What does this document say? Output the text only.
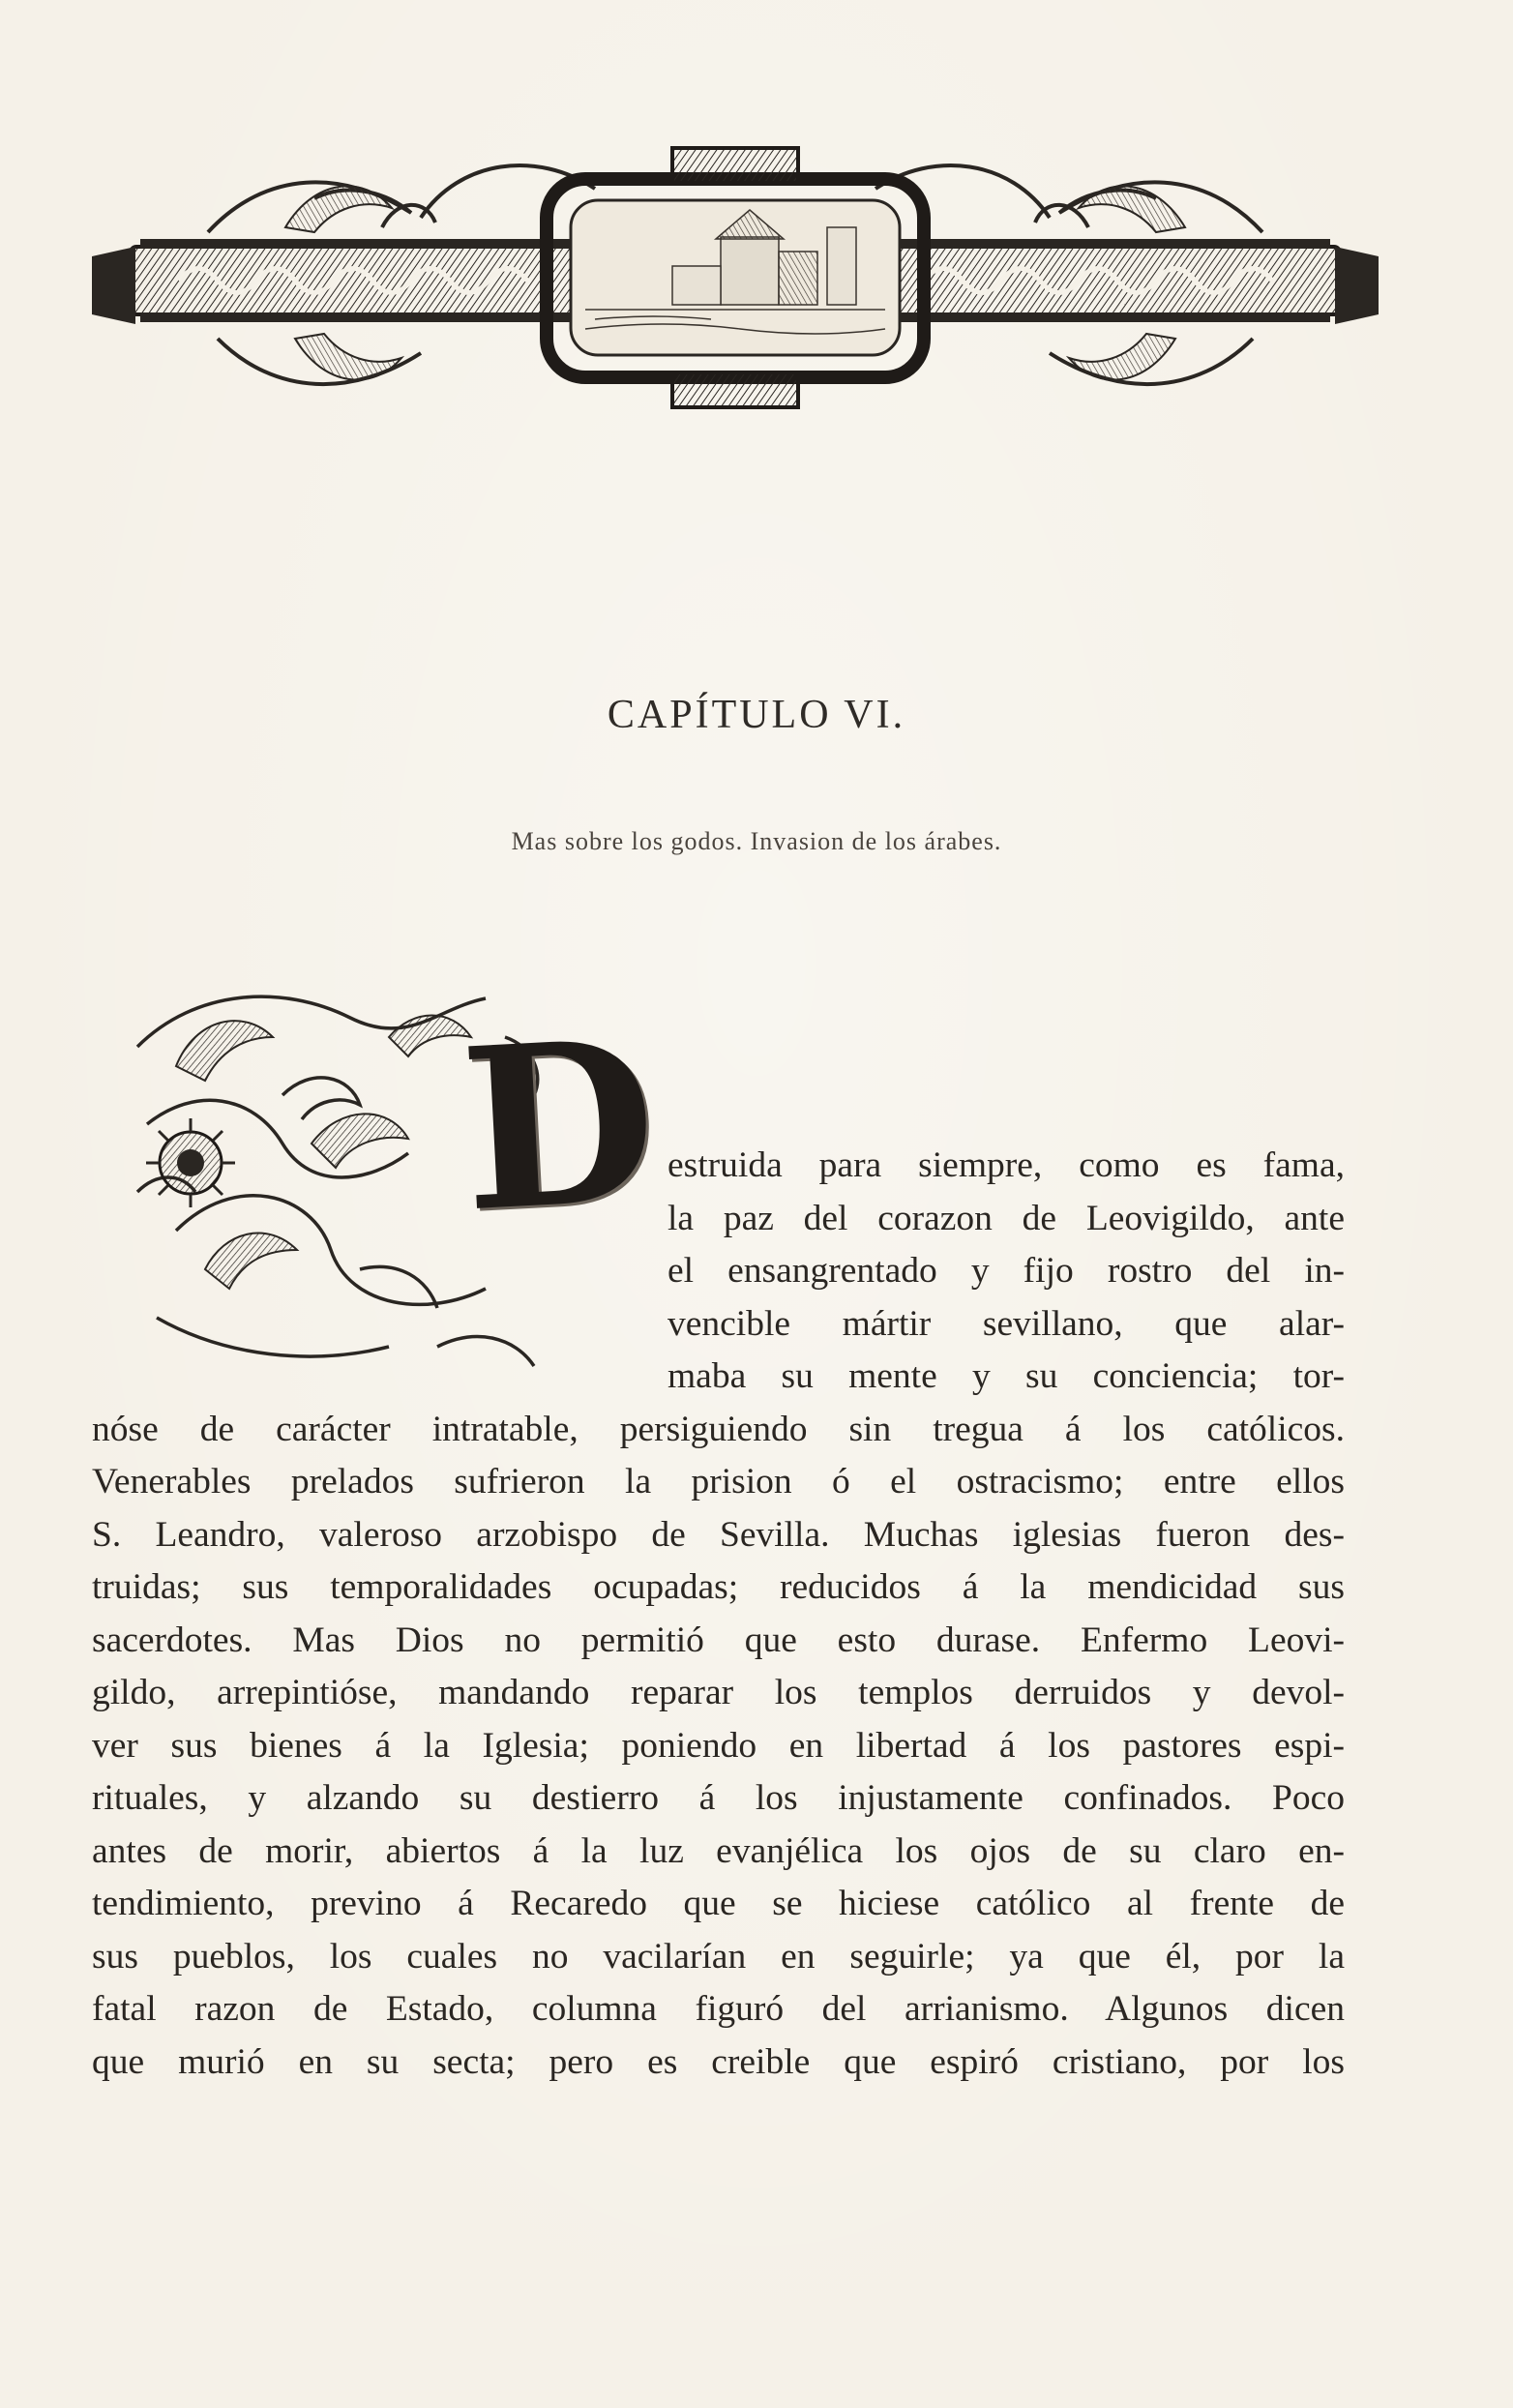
CAPÍTULO VI.
Mas sobre los godos. Invasion de los árabes.
D estruida para siempre, como es fama,
la paz del corazon de Leovigildo, ante
el ensangrentado y fijo rostro del in-
vencible mártir sevillano, que alar-
maba su mente y su conciencia; tor-
nóse de carácter intratable, persiguiendo sin tregua á los católicos.
Venerables prelados sufrieron la prision ó el ostracismo; entre ellos
S. Leandro, valeroso arzobispo de Sevilla. Muchas iglesias fueron des-
truidas; sus temporalidades ocupadas; reducidos á la mendicidad sus
sacerdotes. Mas Dios no permitió que esto durase. Enfermo Leovi-
gildo, arrepintióse, mandando reparar los templos derruidos y devol-
ver sus bienes á la Iglesia; poniendo en libertad á los pastores espi-
rituales, y alzando su destierro á los injustamente confinados. Poco
antes de morir, abiertos á la luz evanjélica los ojos de su claro en-
tendimiento, previno á Recaredo que se hiciese católico al frente de
sus pueblos, los cuales no vacilarían en seguirle; ya que él, por la
fatal razon de Estado, columna figuró del arrianismo. Algunos dicen
que murió en su secta; pero es creible que espiró cristiano, por los
